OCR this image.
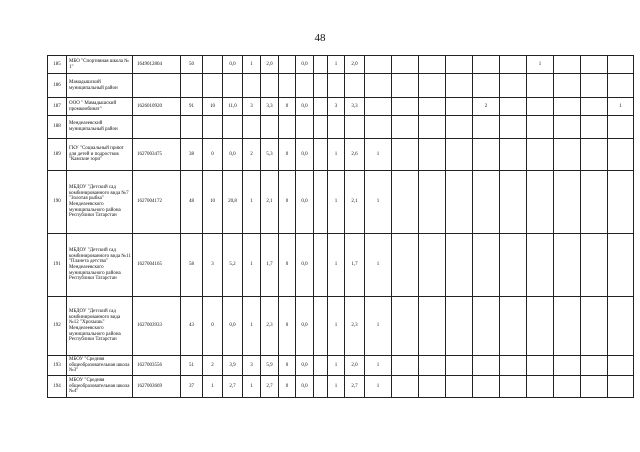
48
185	МБО "Спортивная школа № 1"	1649012804	50		0,0	1	2,0		0,0		1	2,0							1			
186	Мамадышский муниципальный район																					
187	ООО " Мамадышский промкомбинат"	1626010920	91	10	11,0	3	3,3	0	0,0		3	3,3					2					1
188	Менделеевский муниципальный район																					
189	ГКУ "Социальный приют для детей и подростков "Камские зори"	1627003475	38	0	0,0	2	5,3	0	0,0		1	2,6	1									
190	МБДОУ "Детский сад комбинированного вида №7 "Золотая рыбка" Менделеевского муниципального района Республики Татарстан	1627004172	48	10	20,8	1	2,1	0	0,0		1	2,1	1									
191	МБДОУ "Детский сад комбинированного вида №11 "Планета детства" Менделеевского муниципального района Республики Татарстан	1627004165	58	3	5,2	1	1,7	0	0,0		1	1,7	1									
192	МБДОУ "Детский сад комбинированного вида №12 "Хрохышь" Менделеевского муниципального района Республики Татарстан	1627003933	43	0	0,0	1	2,3	0	0,0		1	2,3	1									
193	МБОУ "Средняя общеобразовательная школа №3"	1627003556	51	2	3,9	3	5,9	0	0,0		1	2,0	1									
194	МБОУ "Средняя общеобразовательная школа №4"	1627003669	37	1	2,7	1	2,7	0	0,0		1	2,7	1									
